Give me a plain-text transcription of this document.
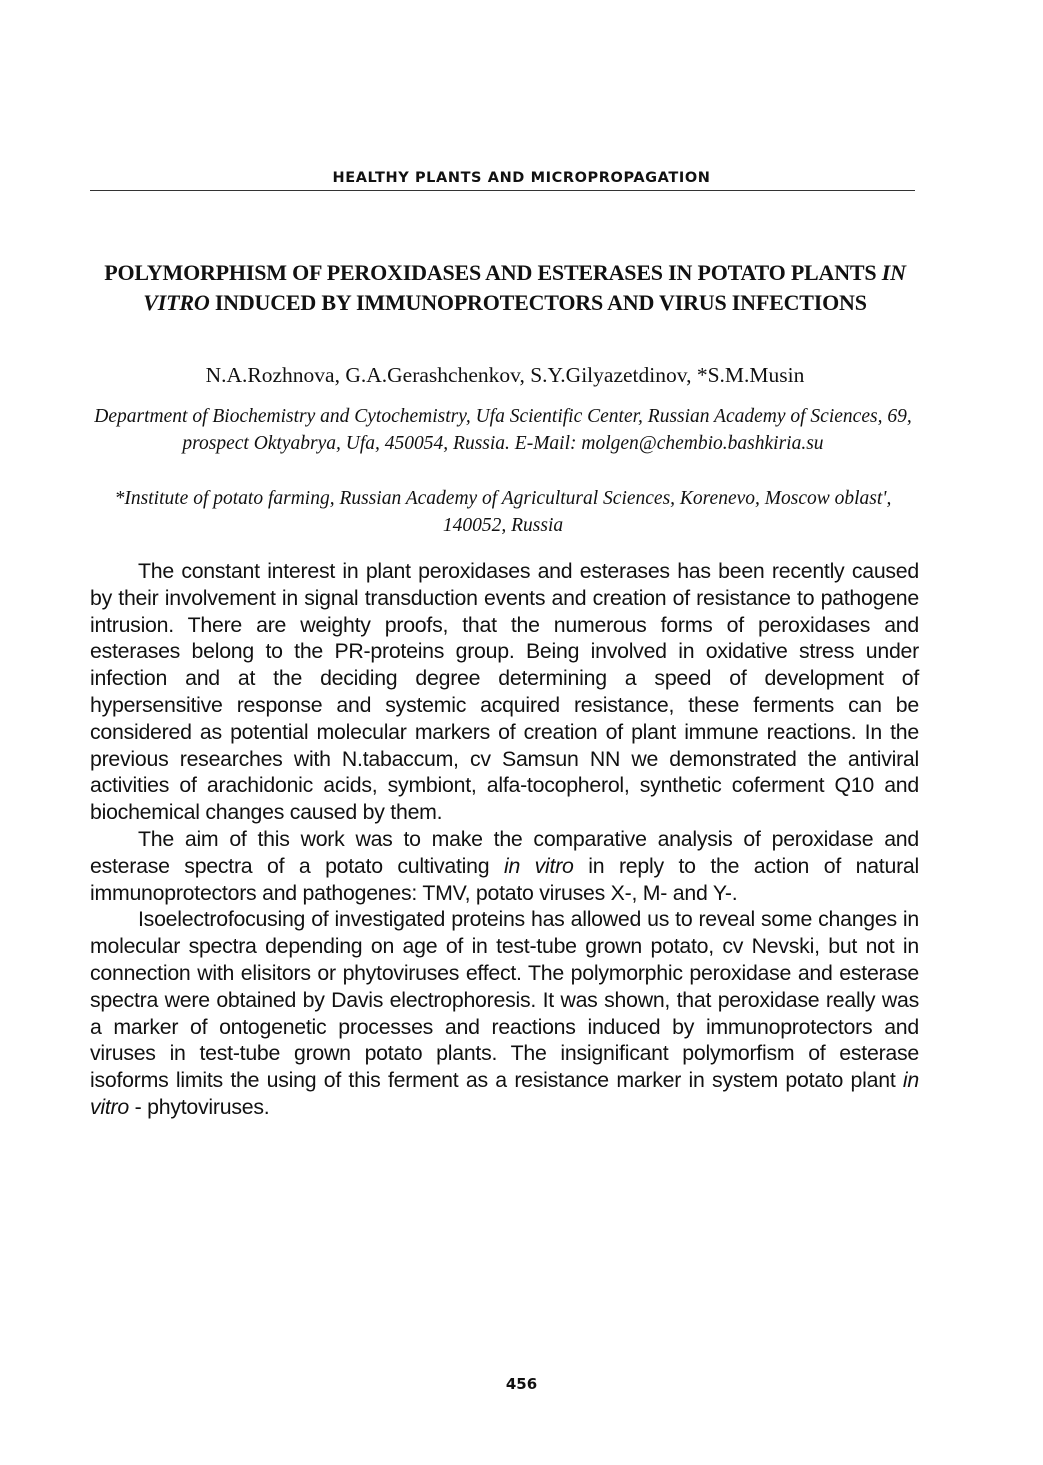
HEALTHY PLANTS AND MICROPROPAGATION
POLYMORPHISM OF PEROXIDASES AND ESTERASES IN POTATO PLANTS IN VITRO INDUCED BY IMMUNOPROTECTORS AND VIRUS INFECTIONS
N.A.Rozhnova, G.A.Gerashchenkov, S.Y.Gilyazetdinov, *S.M.Musin
Department of Biochemistry and Cytochemistry, Ufa Scientific Center, Russian Academy of Sciences, 69, prospect Oktyabrya, Ufa, 450054, Russia. E-Mail: molgen@chembio.bashkiria.su
*Institute of potato farming, Russian Academy of Agricultural Sciences, Korenevo, Moscow oblast', 140052, Russia

The constant interest in plant peroxidases and esterases has been recently caused by their involvement in signal transduction events and creation of resistance to pathogene intrusion. There are weighty proofs, that the numerous forms of peroxidases and esterases belong to the PR-proteins group. Being involved in oxidative stress under infection and at the deciding degree determining a speed of development of hypersensitive response and systemic acquired resistance, these ferments can be considered as potential molecular markers of creation of plant immune reactions. In the previous researches with N.tabaccum, cv Samsun NN we demonstrated the antiviral activities of arachidonic acids, symbiont, alfa-tocopherol, synthetic coferment Q10 and biochemical changes caused by them.

The aim of this work was to make the comparative analysis of peroxidase and esterase spectra of a potato cultivating in vitro in reply to the action of natural immunoprotectors and pathogenes: TMV, potato viruses X-, M- and Y-.

Isoelectrofocusing of investigated proteins has allowed us to reveal some changes in molecular spectra depending on age of in test-tube grown potato, cv Nevski, but not in connection with elisitors or phytoviruses effect. The polymorphic peroxidase and esterase spectra were obtained by Davis electrophoresis. It was shown, that peroxidase really was a marker of ontogenetic processes and reactions induced by immunoprotectors and viruses in test-tube grown potato plants. The insignificant polymorfism of esterase isoforms limits the using of this ferment as a resistance marker in system potato plant in vitro - phytoviruses.

456
